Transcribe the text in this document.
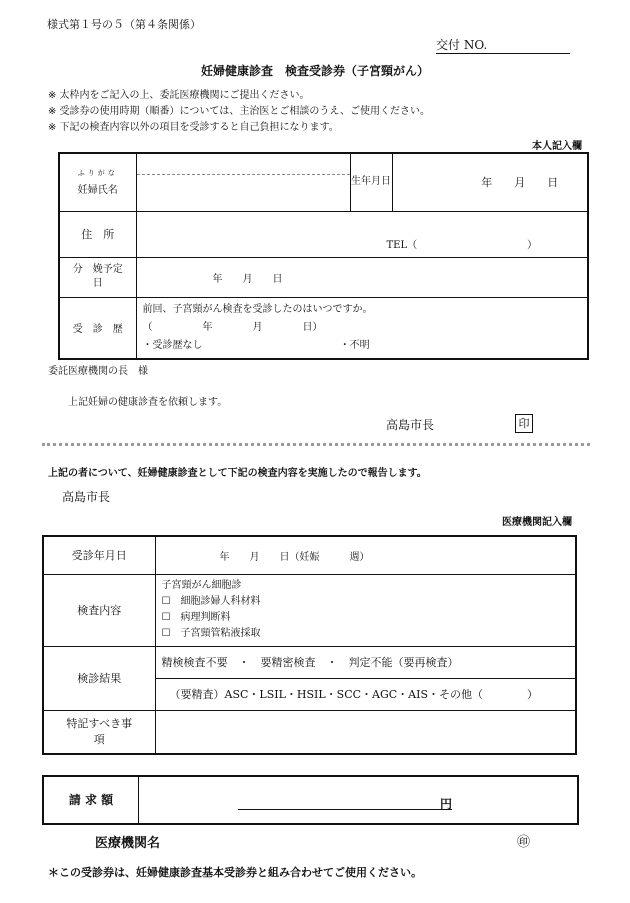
様式第１号の５（第４条関係）
交付 NO.
妊婦健康診査　検査受診券（子宮頸がん）
※ 太枠内をご記入の上、委託医療機関にご提出ください。
※ 受診券の使用時期（順番）については、主治医とご相談のうえ、ご使用ください。
※ 下記の検査内容以外の項目を受診すると自己負担になります。
本人記入欄
ふりがな
妊婦氏名		生年月日	年　　月　　日
住　所	TEL（　　　　　　　　　　　）		
分　娩予定日	年　　月　　日		
受　診　歴	前回、子宮頸がん検査を受診したのはいつですか。
（　　　　　年　　　　月　　　　日）
・受診歴なし ・不明		
委託医療機関の長　様
上記妊婦の健康診査を依頼します。
高島市長	印
上記の者について、妊婦健康診査として下記の検査内容を実施したので報告します。
高島市長
医療機関記入欄
受診年月日	年　　月　　日（妊娠　　　週）
検査内容	子宮頸がん細胞診
☐　細胞診婦人科材料
☐　病理判断料
☐　子宮頸管粘液採取

検診結果	精検検査不要　・　要精密検査　・　判定不能（要再検査）
	（要精査）ASC・LSIL・HSIL・SCC・AGC・AIS・その他（　　　　）
特記すべき事　　項	
請 求 額	円
医療機関名	㊞
＊この受診券は、妊婦健康診査基本受診券と組み合わせてご使用ください。
